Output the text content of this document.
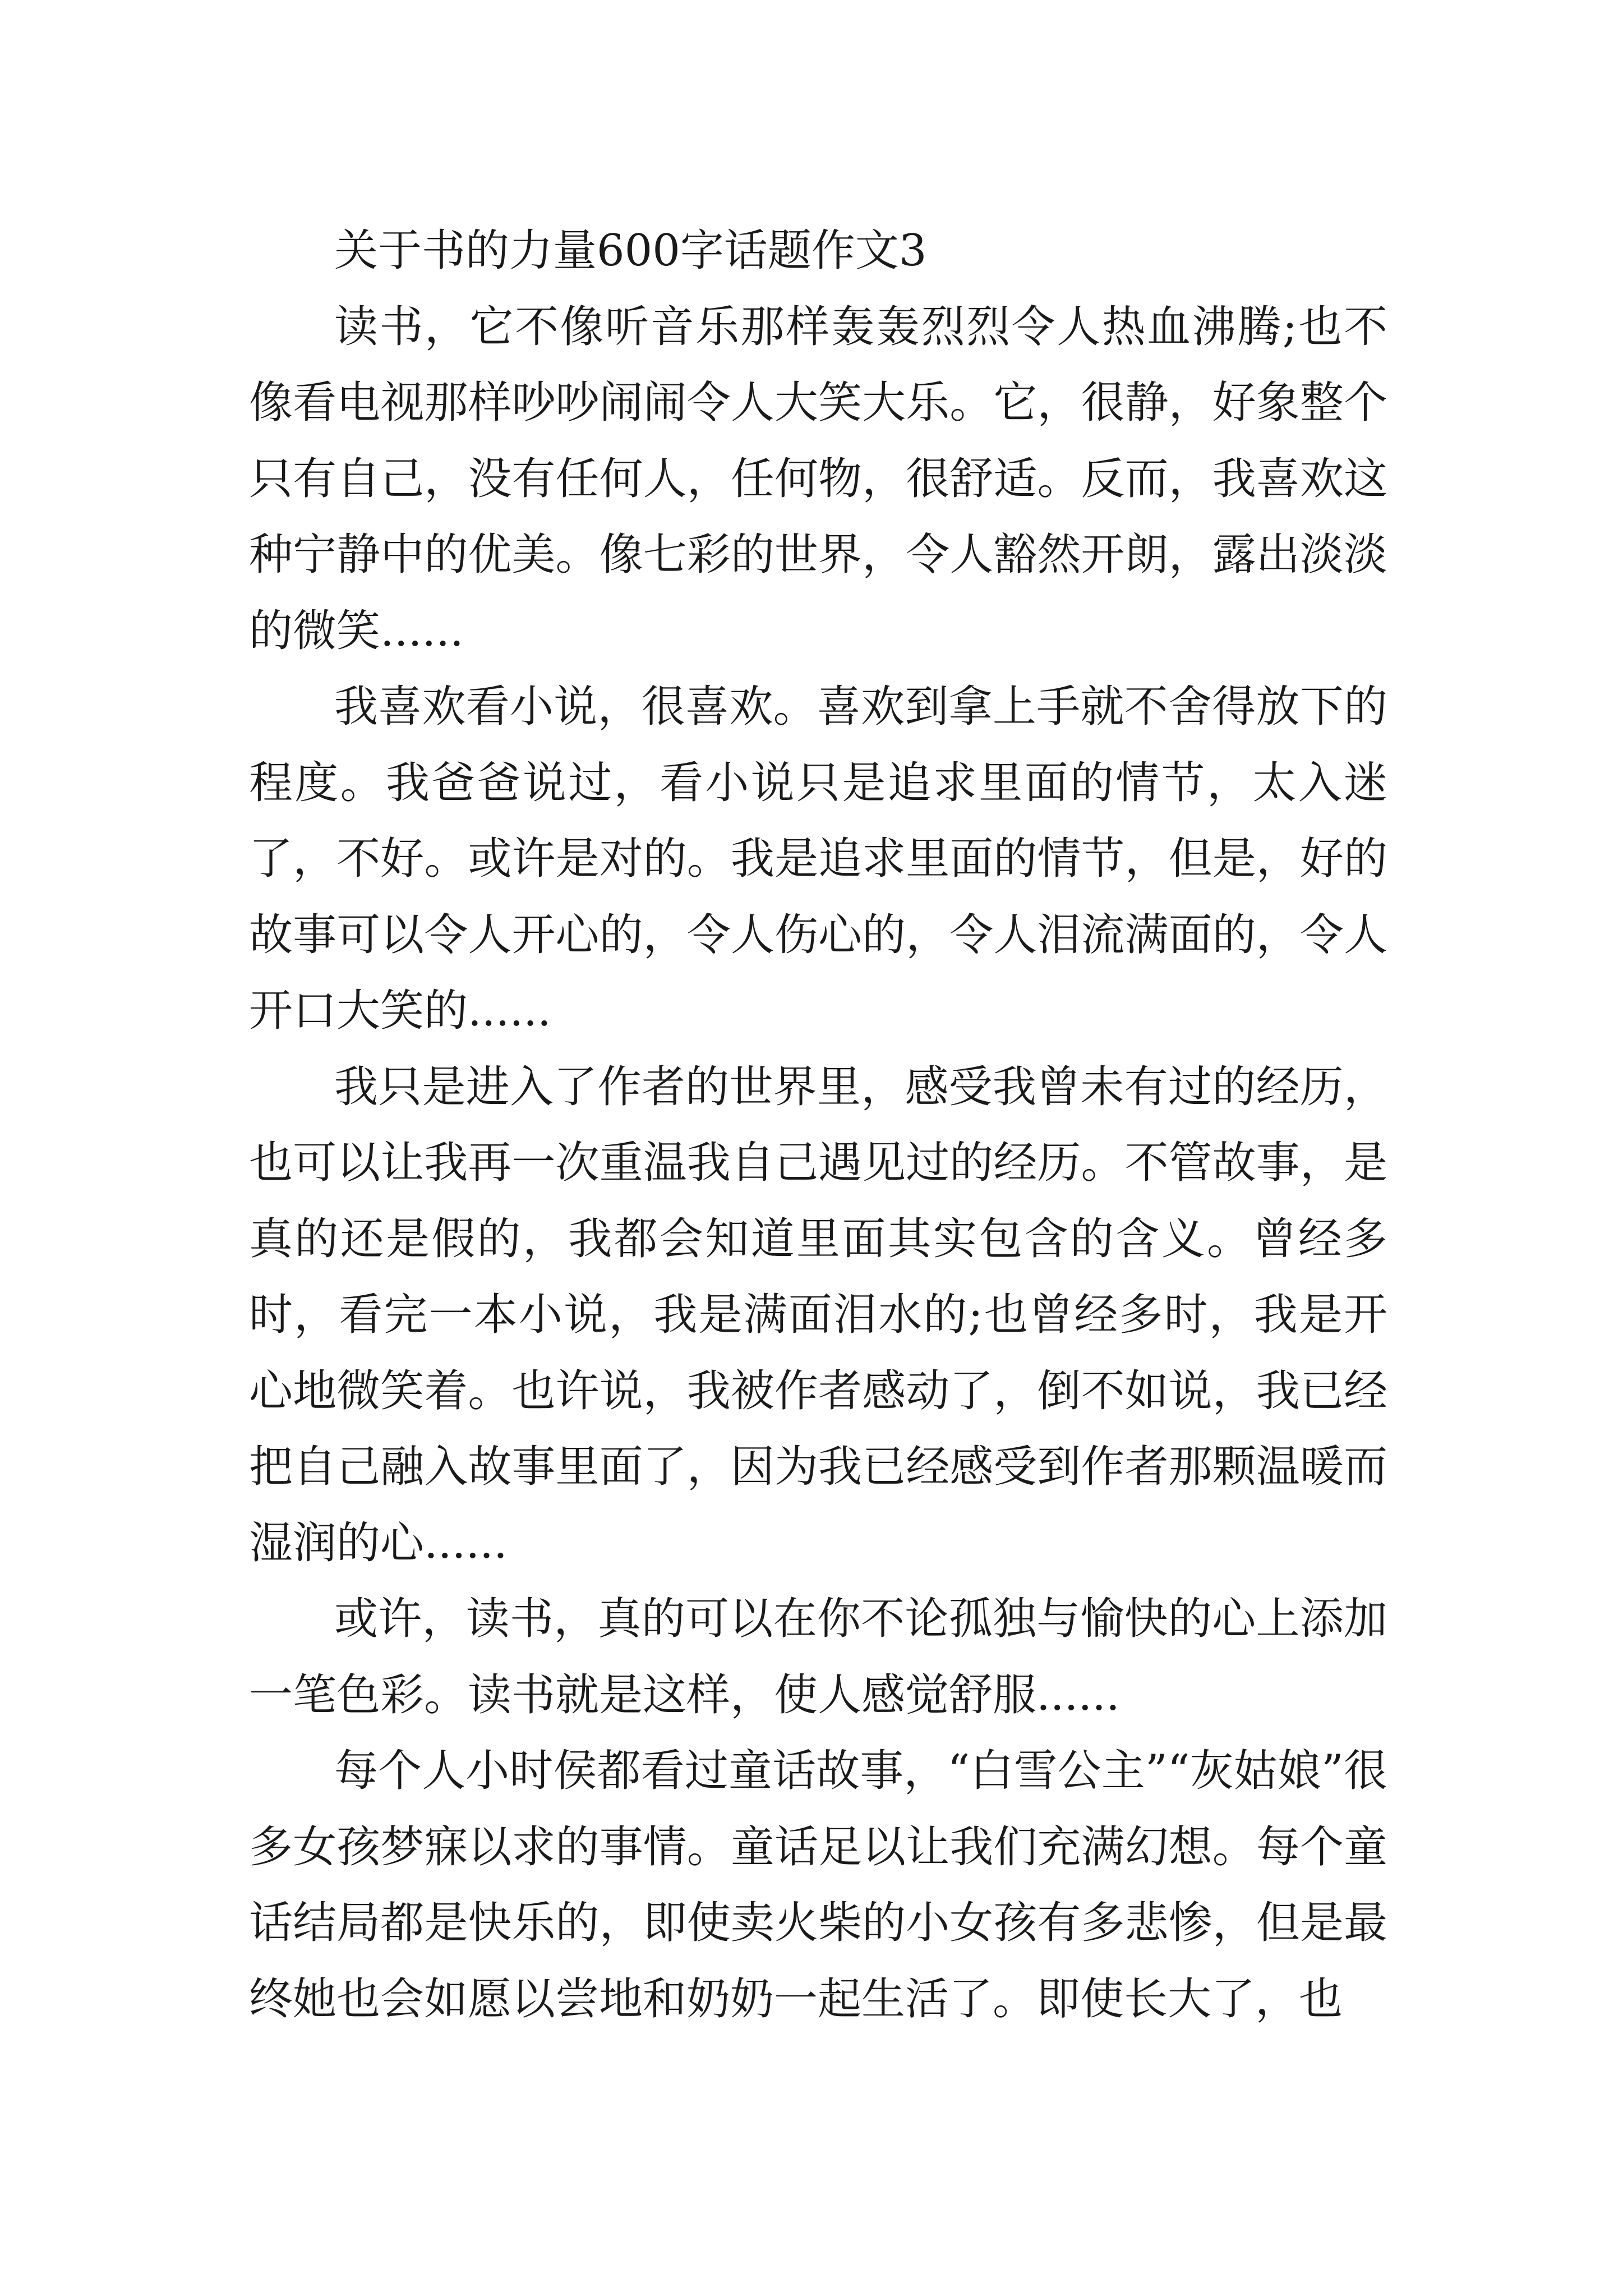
关于书的力量600字话题作文3

读书，它不像听音乐那样轰轰烈烈令人热血沸腾;也不像看电视那样吵吵闹闹令人大笑大乐。它，很静，好象整个只有自己，没有任何人，任何物，很舒适。反而，我喜欢这种宁静中的优美。像七彩的世界，令人豁然开朗，露出淡淡的微笑......

我喜欢看小说，很喜欢。喜欢到拿上手就不舍得放下的程度。我爸爸说过，看小说只是追求里面的情节，太入迷了，不好。或许是对的。我是追求里面的情节，但是，好的故事可以令人开心的，令人伤心的，令人泪流满面的，令人开口大笑的......

我只是进入了作者的世界里，感受我曾未有过的经历，也可以让我再一次重温我自己遇见过的经历。不管故事，是真的还是假的，我都会知道里面其实包含的含义。曾经多时，看完一本小说，我是满面泪水的;也曾经多时，我是开心地微笑着。也许说，我被作者感动了，倒不如说，我已经把自己融入故事里面了，因为我已经感受到作者那颗温暖而湿润的心......

或许，读书，真的可以在你不论孤独与愉快的心上添加一笔色彩。读书就是这样，使人感觉舒服......

每个人小时侯都看过童话故事，“白雪公主”“灰姑娘”很多女孩梦寐以求的事情。童话足以让我们充满幻想。每个童话结局都是快乐的，即使卖火柴的小女孩有多悲惨，但是最终她也会如愿以尝地和奶奶一起生活了。即使长大了，也
